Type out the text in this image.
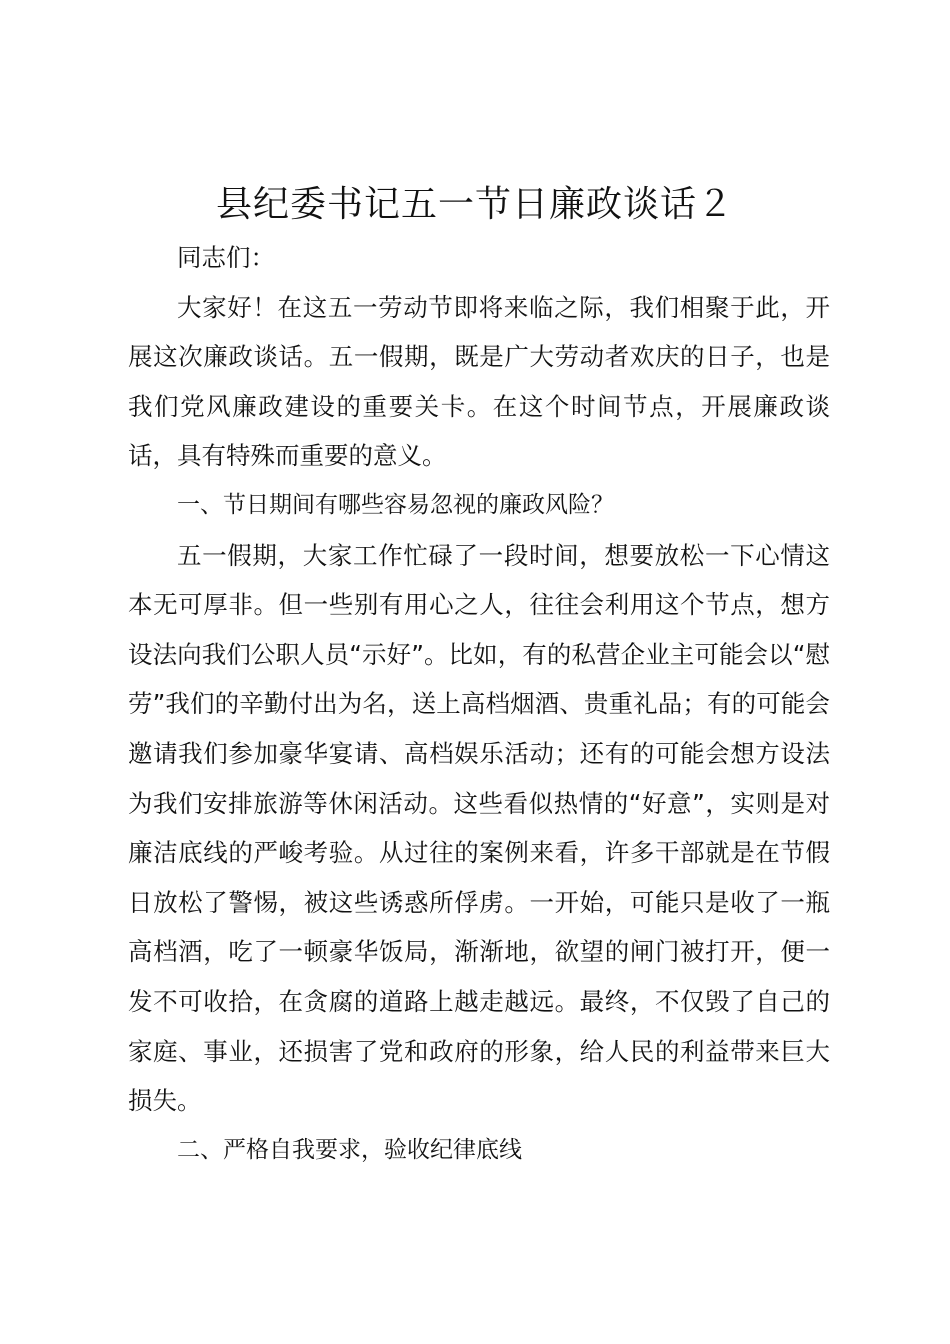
县纪委书记五一节日廉政谈话２

同志们：

大家好！在这五一劳动节即将来临之际，我们相聚于此，开展这次廉政谈话。五一假期，既是广大劳动者欢庆的日子，也是我们党风廉政建设的重要关卡。在这个时间节点，开展廉政谈话，具有特殊而重要的意义。

一、节日期间有哪些容易忽视的廉政风险？

五一假期，大家工作忙碌了一段时间，想要放松一下心情这本无可厚非。但一些别有用心之人，往往会利用这个节点，想方设法向我们公职人员“示好”。比如，有的私营企业主可能会以“慰劳”我们的辛勤付出为名，送上高档烟酒、贵重礼品；有的可能会邀请我们参加豪华宴请、高档娱乐活动；还有的可能会想方设法为我们安排旅游等休闲活动。这些看似热情的“好意”，实则是对廉洁底线的严峻考验。从过往的案例来看，许多干部就是在节假日放松了警惕，被这些诱惑所俘虏。一开始，可能只是收了一瓶高档酒，吃了一顿豪华饭局，渐渐地，欲望的闸门被打开，便一发不可收拾，在贪腐的道路上越走越远。最终，不仅毁了自己的家庭、事业，还损害了党和政府的形象，给人民的利益带来巨大损失。

二、严格自我要求，验收纪律底线
